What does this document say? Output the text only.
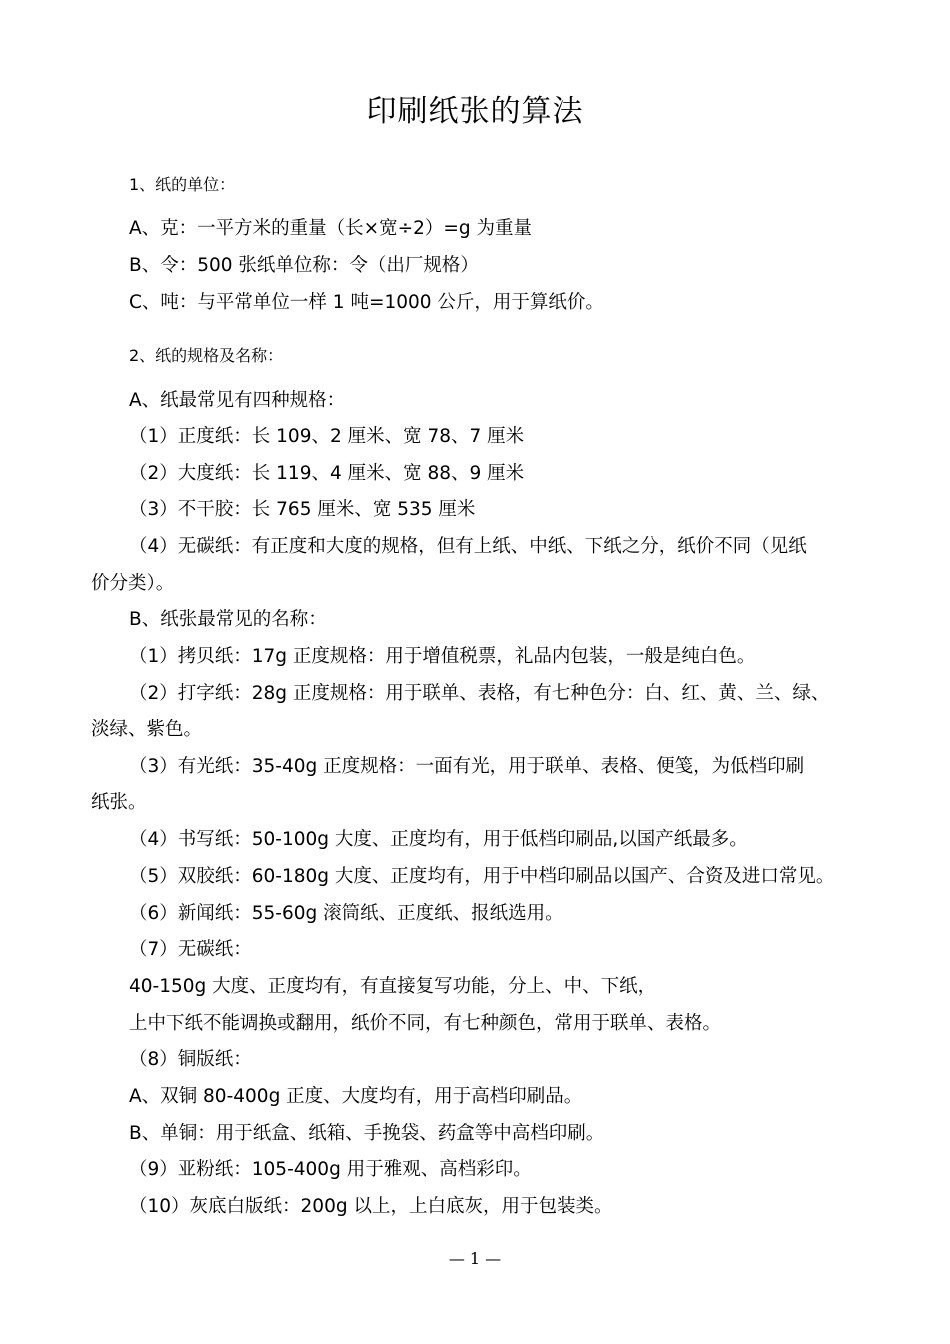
印刷纸张的算法
1、纸的单位：
A、克：一平方米的重量（长×宽÷2）=g 为重量
B、令：500 张纸单位称：令（出厂规格）
C、吨：与平常单位一样 1 吨=1000 公斤，用于算纸价。
2、纸的规格及名称：
A、纸最常见有四种规格：
（1）正度纸：长 109、2 厘米、宽 78、7 厘米
（2）大度纸：长 119、4 厘米、宽 88、9 厘米
（3）不干胶：长 765 厘米、宽 535 厘米
（4）无碳纸：有正度和大度的规格，但有上纸、中纸、下纸之分，纸价不同（见纸
价分类）。
B、纸张最常见的名称：
（1）拷贝纸：17g 正度规格：用于增值税票，礼品内包装，一般是纯白色。
（2）打字纸：28g 正度规格：用于联单、表格，有七种色分：白、红、黄、兰、绿、
淡绿、紫色。
（3）有光纸：35-40g 正度规格：一面有光，用于联单、表格、便笺，为低档印刷
纸张。
（4）书写纸：50-100g 大度、正度均有，用于低档印刷品,以国产纸最多。
（5）双胶纸：60-180g 大度、正度均有，用于中档印刷品以国产、合资及进口常见。
（6）新闻纸：55-60g 滚筒纸、正度纸、报纸选用。
（7）无碳纸：
40-150g 大度、正度均有，有直接复写功能，分上、中、下纸，
上中下纸不能调换或翻用，纸价不同，有七种颜色，常用于联单、表格。
（8）铜版纸：
A、双铜 80-400g 正度、大度均有，用于高档印刷品。
B、单铜：用于纸盒、纸箱、手挽袋、药盒等中高档印刷。
（9）亚粉纸：105-400g 用于雅观、高档彩印。
（10）灰底白版纸：200g 以上，上白底灰，用于包装类。
— 1 —
